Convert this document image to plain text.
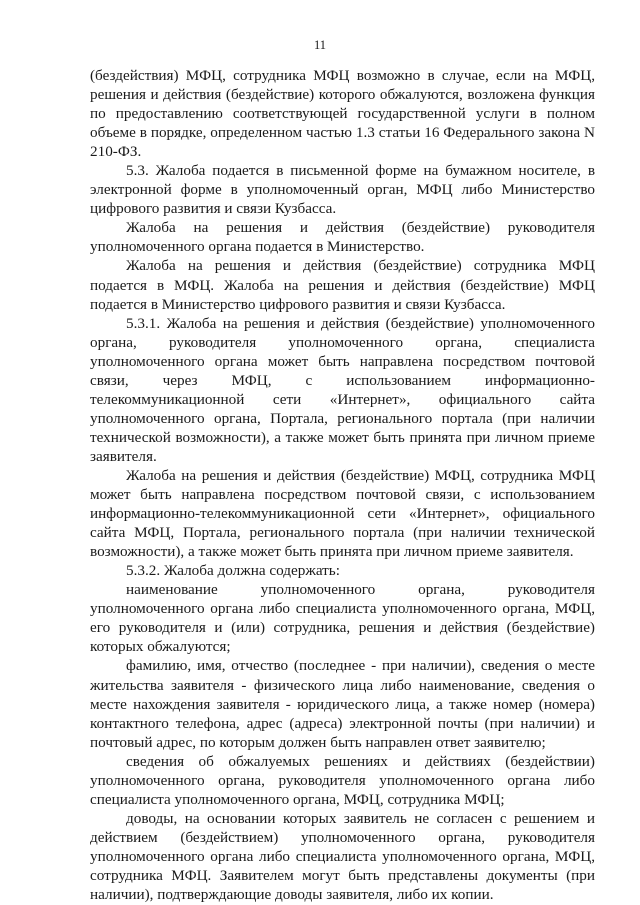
11

(бездействия) МФЦ, сотрудника МФЦ возможно в случае, если на МФЦ, решения и действия (бездействие) которого обжалуются, возложена функция по предоставлению соответствующей государственной услуги в полном объеме в порядке, определенном частью 1.3 статьи 16 Федерального закона N 210-ФЗ.

5.3. Жалоба подается в письменной форме на бумажном носителе, в электронной форме в уполномоченный орган, МФЦ либо Министерство цифрового развития и связи Кузбасса.

Жалоба на решения и действия (бездействие) руководителя уполномоченного органа подается в Министерство.

Жалоба на решения и действия (бездействие) сотрудника МФЦ подается в МФЦ. Жалоба на решения и действия (бездействие) МФЦ подается в Министерство цифрового развития и связи Кузбасса.

5.3.1. Жалоба на решения и действия (бездействие) уполномоченного органа, руководителя уполномоченного органа, специалиста уполномоченного органа может быть направлена посредством почтовой связи, через МФЦ, с использованием информационно-телекоммуникационной сети «Интернет», официального сайта уполномоченного органа, Портала, регионального портала (при наличии технической возможности), а также может быть принята при личном приеме заявителя.

Жалоба на решения и действия (бездействие) МФЦ, сотрудника МФЦ может быть направлена посредством почтовой связи, с использованием информационно-телекоммуникационной сети «Интернет», официального сайта МФЦ, Портала, регионального портала (при наличии технической возможности), а также может быть принята при личном приеме заявителя.

5.3.2. Жалоба должна содержать:

наименование уполномоченного органа, руководителя уполномоченного органа либо специалиста уполномоченного органа, МФЦ, его руководителя и (или) сотрудника, решения и действия (бездействие) которых обжалуются;

фамилию, имя, отчество (последнее - при наличии), сведения о месте жительства заявителя - физического лица либо наименование, сведения о месте нахождения заявителя - юридического лица, а также номер (номера) контактного телефона, адрес (адреса) электронной почты (при наличии) и почтовый адрес, по которым должен быть направлен ответ заявителю;

сведения об обжалуемых решениях и действиях (бездействии) уполномоченного органа, руководителя уполномоченного органа либо специалиста уполномоченного органа, МФЦ, сотрудника МФЦ;

доводы, на основании которых заявитель не согласен с решением и действием (бездействием) уполномоченного органа, руководителя уполномоченного органа либо специалиста уполномоченного органа, МФЦ, сотрудника МФЦ. Заявителем могут быть представлены документы (при наличии), подтверждающие доводы заявителя, либо их копии.
